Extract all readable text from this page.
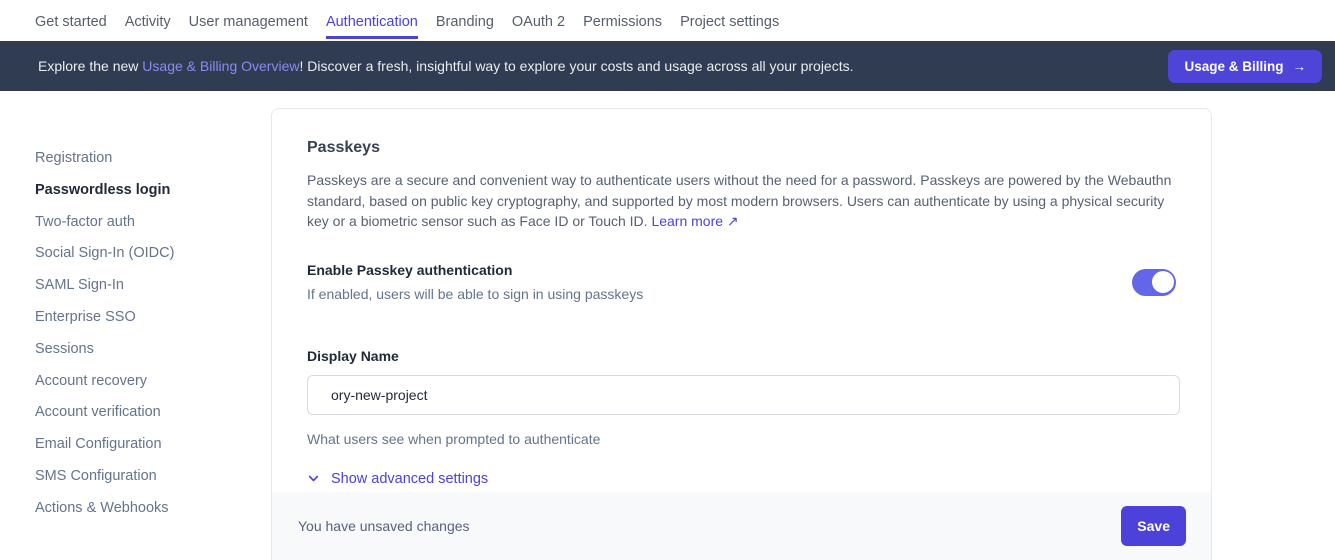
Get started Activity User management Authentication Branding OAuth 2 Permissions Project settings
Explore the new Usage & Billing Overview! Discover a fresh, insightful way to explore your costs and usage across all your projects.	Usage & Billing →
Registration
Passwordless login
Two-factor auth
Social Sign-In (OIDC)
SAML Sign-In
Enterprise SSO
Sessions
Account recovery
Account verification
Email Configuration
SMS Configuration
Actions & Webhooks
Passkeys

Passkeys are a secure and convenient way to authenticate users without the need for a password. Passkeys are powered by the Webauthn standard, based on public key cryptography, and supported by most modern browsers. Users can authenticate by using a physical security key or a biometric sensor such as Face ID or Touch ID. Learn more ↗

Enable Passkey authentication
If enabled, users will be able to sign in using passkeys
Display Name
ory-new-project
What users see when prompted to authenticate
Show advanced settings
You have unsaved changes	Save
